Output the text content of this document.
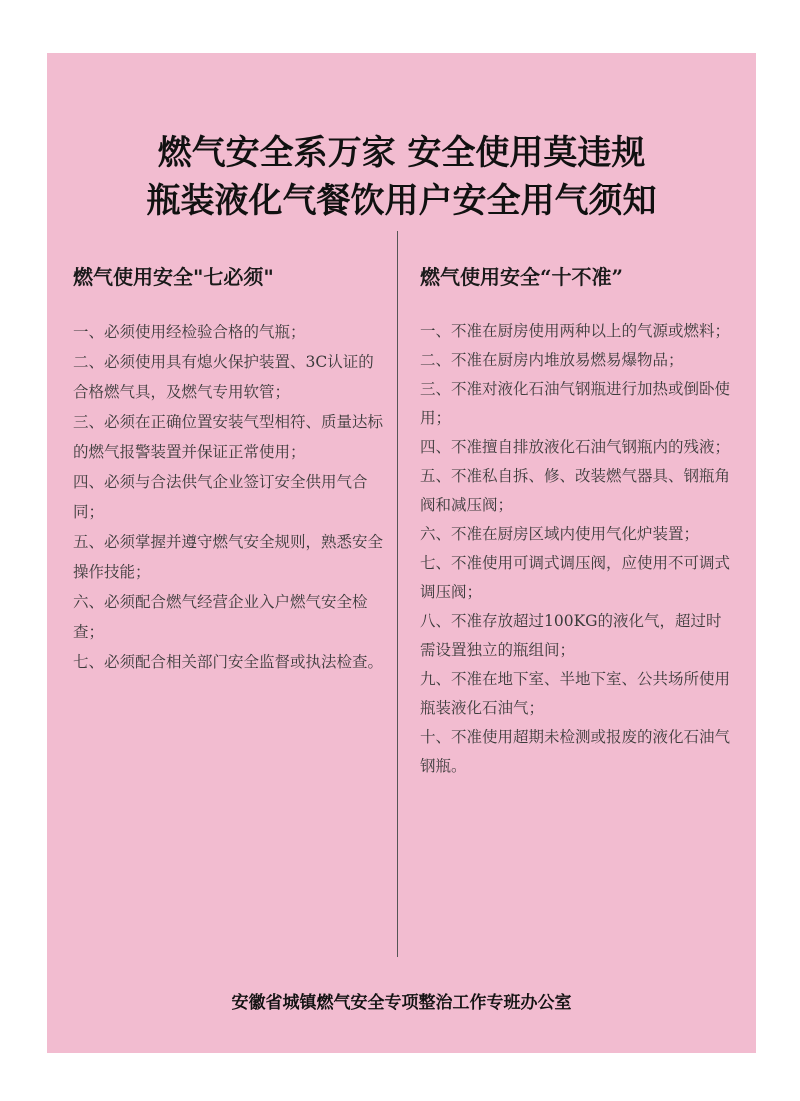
燃气安全系万家 安全使用莫违规
瓶装液化气餐饮用户安全用气须知
燃气使用安全"七必须"
一、必须使用经检验合格的气瓶；
二、必须使用具有熄火保护装置、3C认证的合格燃气具，及燃气专用软管；
三、必须在正确位置安装气型相符、质量达标的燃气报警装置并保证正常使用；
四、必须与合法供气企业签订安全供用气合同；
五、必须掌握并遵守燃气安全规则，熟悉安全操作技能；
六、必须配合燃气经营企业入户燃气安全检查；
七、必须配合相关部门安全监督或执法检查。
燃气使用安全“十不准”
一、不准在厨房使用两种以上的气源或燃料；
二、不准在厨房内堆放易燃易爆物品；
三、不准对液化石油气钢瓶进行加热或倒卧使用；
四、不准擅自排放液化石油气钢瓶内的残液；
五、不准私自拆、修、改装燃气器具、钢瓶角阀和减压阀；
六、不准在厨房区域内使用气化炉装置；
七、不准使用可调式调压阀，应使用不可调式调压阀；
八、不准存放超过100KG的液化气，超过时需设置独立的瓶组间；
九、不准在地下室、半地下室、公共场所使用瓶装液化石油气；
十、不准使用超期未检测或报废的液化石油气钢瓶。

安徽省城镇燃气安全专项整治工作专班办公室
